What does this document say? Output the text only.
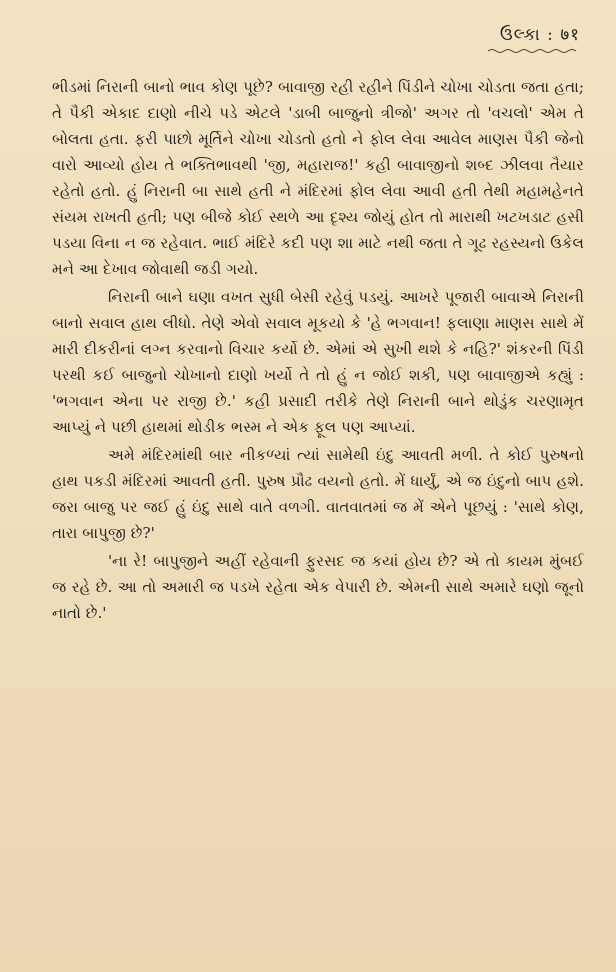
ઉલ્કા : ७१

ભીડમાં નિરાની બાનો ભાવ કોણ પૂછે? બાવાજી રહી રહીને પિંડીને ચોખા ચોડતા જતા હતા; તે પૈકી એકાદ દાણો નીચે પડે એટલે 'ડાબી બાજુનો ત્રીજો' અગર તો 'વચલો' એમ તે બોલતા હતા. ફરી પાછો મૂર્તિને ચોખા ચોડતો હતો ને ફોલ લેવા આવેલ માણસ પૈકી જેનો વારો આવ્યો હોય તે ભક્તિભાવથી 'જી, મહારાજ!' કહી બાવાજીનો શબ્દ ઝીલવા તૈયાર રહેતો હતો. હું નિરાની બા સાથે હતી ને મંદિરમાં ફોલ લેવા આવી હતી તેથી મહામહેનતે સંયમ રાખતી હતી; પણ બીજે કોઈ સ્થળે આ દૃશ્ય જોયું હોત તો મારાથી ખટખડાટ હસી પડયા વિના ન જ રહેવાત. ભાઈ મંદિરે કદી પણ શા માટે નથી જતા તે ગૂઢ રહસ્યનો ઉકેલ મને આ દેખાવ જોવાથી જડી ગયો.

નિરાની બાને ઘણા વખત સુધી બેસી રહેવું પડયું. આખરે પૂજારી બાવાએ નિરાની બાનો સવાલ હાથ લીધો. તેણે એવો સવાલ મૂકયો કે 'હે ભગવાન! ફલાણા માણસ સાથે મેં મારી દીકરીનાં લગ્ન કરવાનો વિચાર કર્યો છે. એમાં એ સુખી થશે કે નહિ?' શંકરની પિંડી પરથી કઈ બાજુનો ચોખાનો દાણો ખર્યો તે તો હું ન જોઈ શકી, પણ બાવાજીએ કહ્યું : 'ભગવાન એના પર રાજી છે.' કહી પ્રસાદી તરીકે તેણે નિરાની બાને થોડુંક ચરણામૃત આપ્યું ને પછી હાથમાં થોડીક ભસ્મ ને એક ફૂલ પણ આપ્યાં.

અમે મંદિરમાંથી બાર નીકળ્યાં ત્યાં સામેથી ઇંદુ આવતી મળી. તે કોઈ પુરુષનો હાથ પકડી મંદિરમાં આવતી હતી. પુરુષ પ્રૌઢ વયનો હતો. મેં ધાર્યું, એ જ ઇંદુનો બાપ હશે. જરા બાજુ પર જઈ હું ઇંદુ સાથે વાતે વળગી. વાતવાતમાં જ મેં એને પૂછયું : 'સાથે કોણ, તારા બાપુજી છે?'

'ના રે! બાપુજીને અહીં રહેવાની ફુરસદ જ કયાં હોય છે? એ તો કાયમ મુંબઈ જ રહે છે. આ તો અમારી જ પડખે રહેતા એક વેપારી છે. એમની સાથે અમારે ઘણો જૂનો નાતો છે.'
